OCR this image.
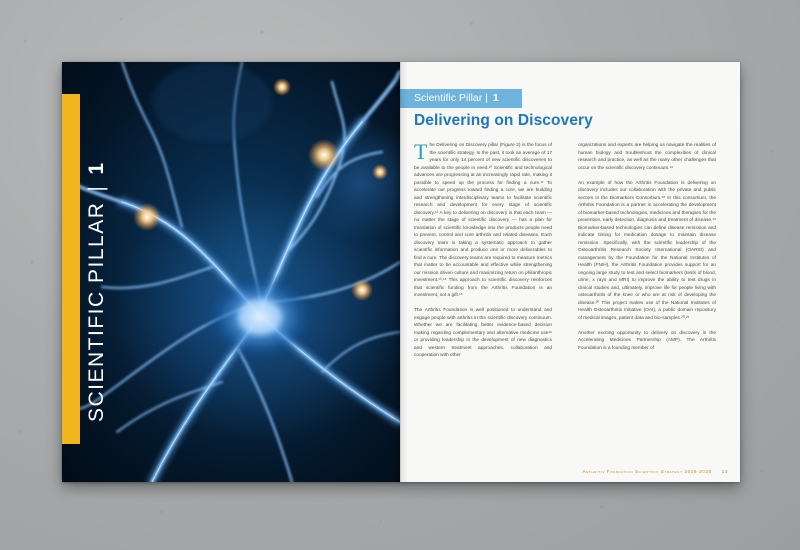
SCIENTIFIC PILLAR
|
1
Scientific Pillar | 1
Delivering on Discovery

The Delivering on Discovery pillar (Figure 2) is the focus of the scientific strategy. In the past, it took an average of 17 years for only 14 percent of new scientific discoveries to be available to the people in need.¹⁰ Scientific and technological advances are progressing at an increasingly rapid rate, making it possible to speed up the process for finding a cure.¹¹ To accelerate our progress toward finding a cure, we are building and strengthening interdisciplinary teams to facilitate scientific research and development for every stage of scientific discovery.¹² A key to delivering on discovery is that each team — no matter the stage of scientific discovery — has a plan for translation of scientific knowledge into the products people need to prevent, control and cure arthritis and related diseases. Each discovery team is taking a systematic approach to gather scientific information and produce one or more deliverables to find a cure. The discovery teams are required to measure metrics that matter to be accountable and effective while strengthening our mission driven culture and maximizing return on philanthropic investment.¹³,¹⁴ This approach to scientific discovery reinforces that scientific funding from the Arthritis Foundation is an investment, not a gift.¹⁵

The Arthritis Foundation is well positioned to understand and engage people with arthritis in the scientific discovery continuum. Whether we are facilitating better evidence-based decision making regarding complementary and alternative medicine use¹⁶ or providing leadership in the development of new diagnostics and western treatment approaches, collaboration and cooperation with other

organizations and experts are helping us navigate the realities of human biology and troubleshoot the complexities of clinical research and practice, as well as the many other challenges that occur on the scientific discovery continuum.¹⁶

An example of how the Arthritis Foundation is delivering on discovery includes our collaboration with the private and public sectors in the Biomarkers Consortium.¹⁸ In this consortium, the Arthritis Foundation is a partner in accelerating the development of biomarker-based technologies, medicines and therapies for the prevention, early detection, diagnosis and treatment of disease.¹⁹ Biomarker-based technologies can define disease remission and indicate timing for medication dosage to maintain disease remission. Specifically, with the scientific leadership of the Osteoarthritis Research Society International (OARSI) and management by the Foundation for the National Institutes of Health (FNIH), the Arthritis Foundation provides support for an ongoing large study to test and select biomarkers (tests of blood, urine, x rays and MRI) to improve the ability to test drugs in clinical studies and, ultimately, improve life for people living with osteoarthritis of the knee or who are at risk of developing the disease.²⁰ This project makes use of the National Institutes of Health Osteoarthritis Initiative (OAI), a public domain repository of medical images, patient data and bio-samples.²⁰,²¹

Another exciting opportunity to delivery on discovery is the Accelerating Medicines Partnership (AMP). The Arthritis Foundation is a founding member of

Arthritis Foundation Scientific Strategy 2015-2020 13
